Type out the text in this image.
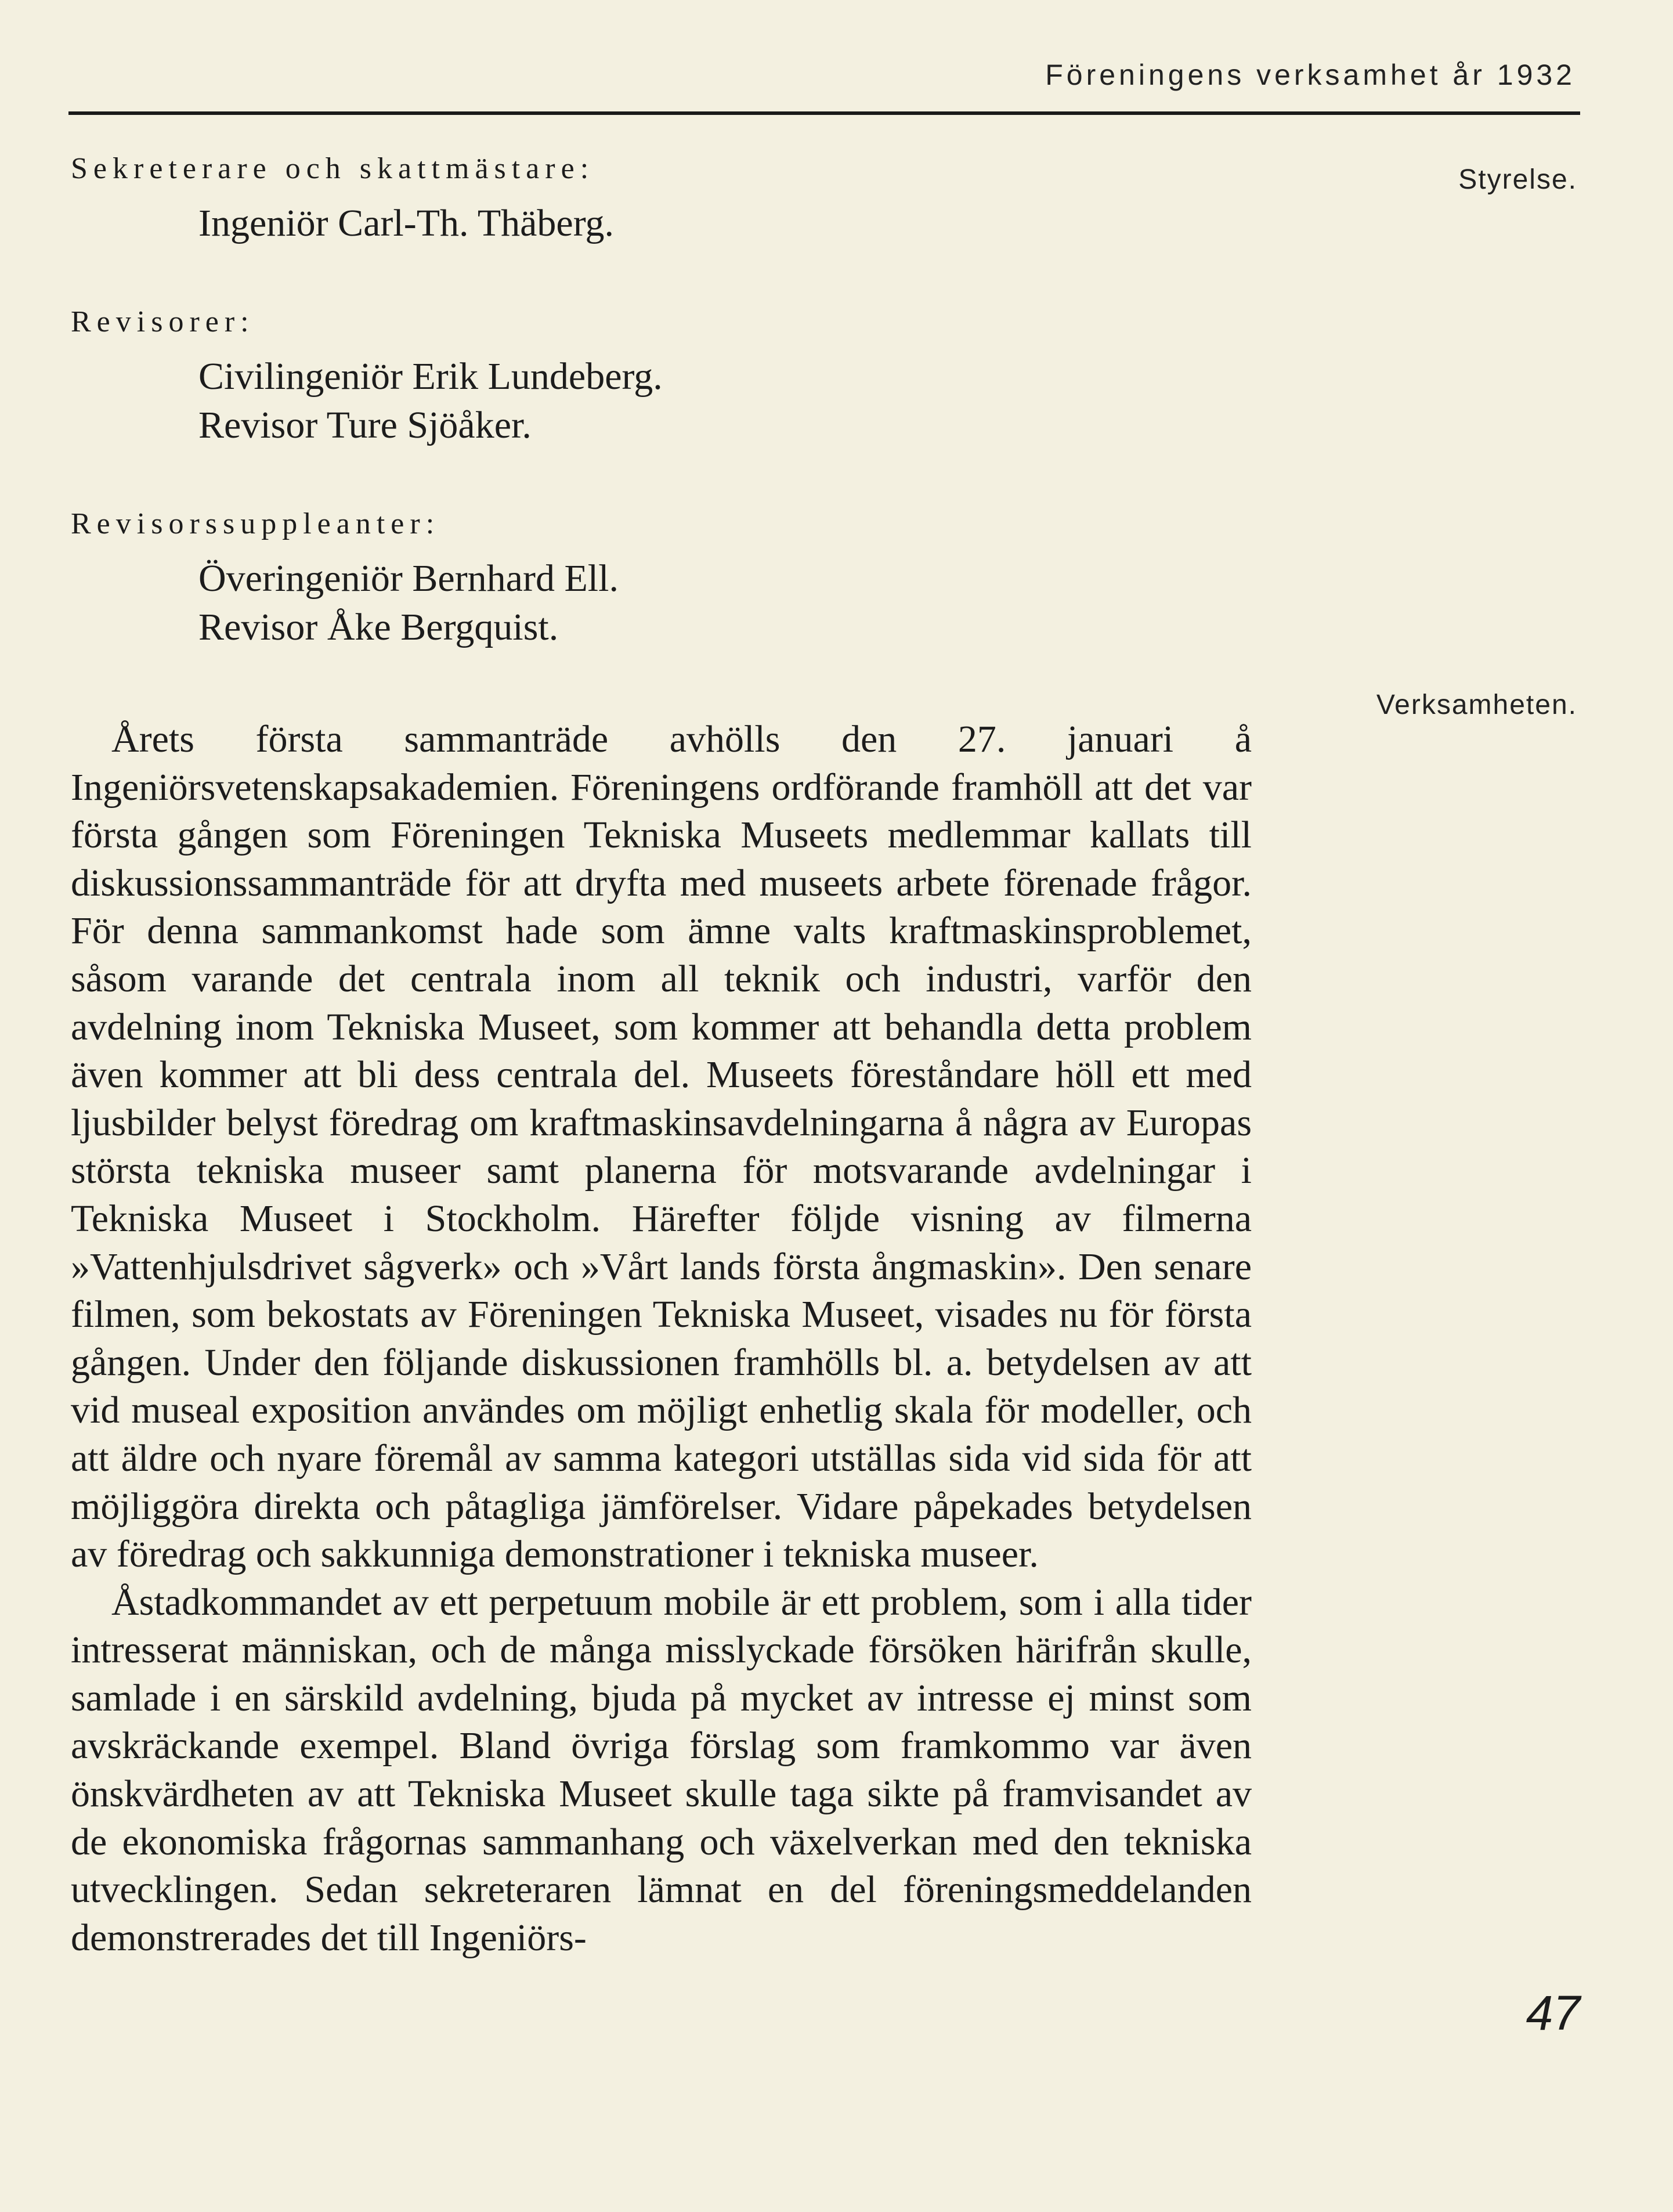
Föreningens verksamhet år 1932
Styrelse.
Verksamheten.
Sekreterare och skattmästare:
Ingeniör Carl-Th. Thäberg.
Revisorer:
Civilingeniör Erik Lundeberg.
Revisor Ture Sjöåker.
Revisorssuppleanter:
Överingeniör Bernhard Ell.
Revisor Åke Bergquist.

Årets första sammanträde avhölls den 27. januari å Ingeniörsvetenskapsakademien. Föreningens ordförande framhöll att det var första gången som Föreningen Tekniska Museets medlemmar kallats till diskussionssammanträde för att dryfta med museets arbete förenade frågor. För denna sammankomst hade som ämne valts kraftmaskinsproblemet, såsom varande det centrala inom all teknik och industri, varför den avdelning inom Tekniska Museet, som kommer att behandla detta problem även kommer att bli dess centrala del. Museets föreståndare höll ett med ljusbilder belyst föredrag om kraftmaskinsavdelningarna å några av Europas största tekniska museer samt planerna för motsvarande avdelningar i Tekniska Museet i Stockholm. Härefter följde visning av filmerna »Vattenhjulsdrivet sågverk» och »Vårt lands första ångmaskin». Den senare filmen, som bekostats av Föreningen Tekniska Museet, visades nu för första gången. Under den följande diskussionen framhölls bl. a. betydelsen av att vid museal exposition användes om möjligt enhetlig skala för modeller, och att äldre och nyare föremål av samma kategori utställas sida vid sida för att möjliggöra direkta och påtagliga jämförelser. Vidare påpekades betydelsen av föredrag och sakkunniga demonstrationer i tekniska museer.

Åstadkommandet av ett perpetuum mobile är ett problem, som i alla tider intresserat människan, och de många misslyckade försöken härifrån skulle, samlade i en särskild avdelning, bjuda på mycket av intresse ej minst som avskräckande exempel. Bland övriga förslag som framkommo var även önskvärdheten av att Tekniska Museet skulle taga sikte på framvisandet av de ekonomiska frågornas sammanhang och växelverkan med den tekniska utvecklingen. Sedan sekreteraren lämnat en del föreningsmeddelanden demonstrerades det till Ingeniörs-

47
